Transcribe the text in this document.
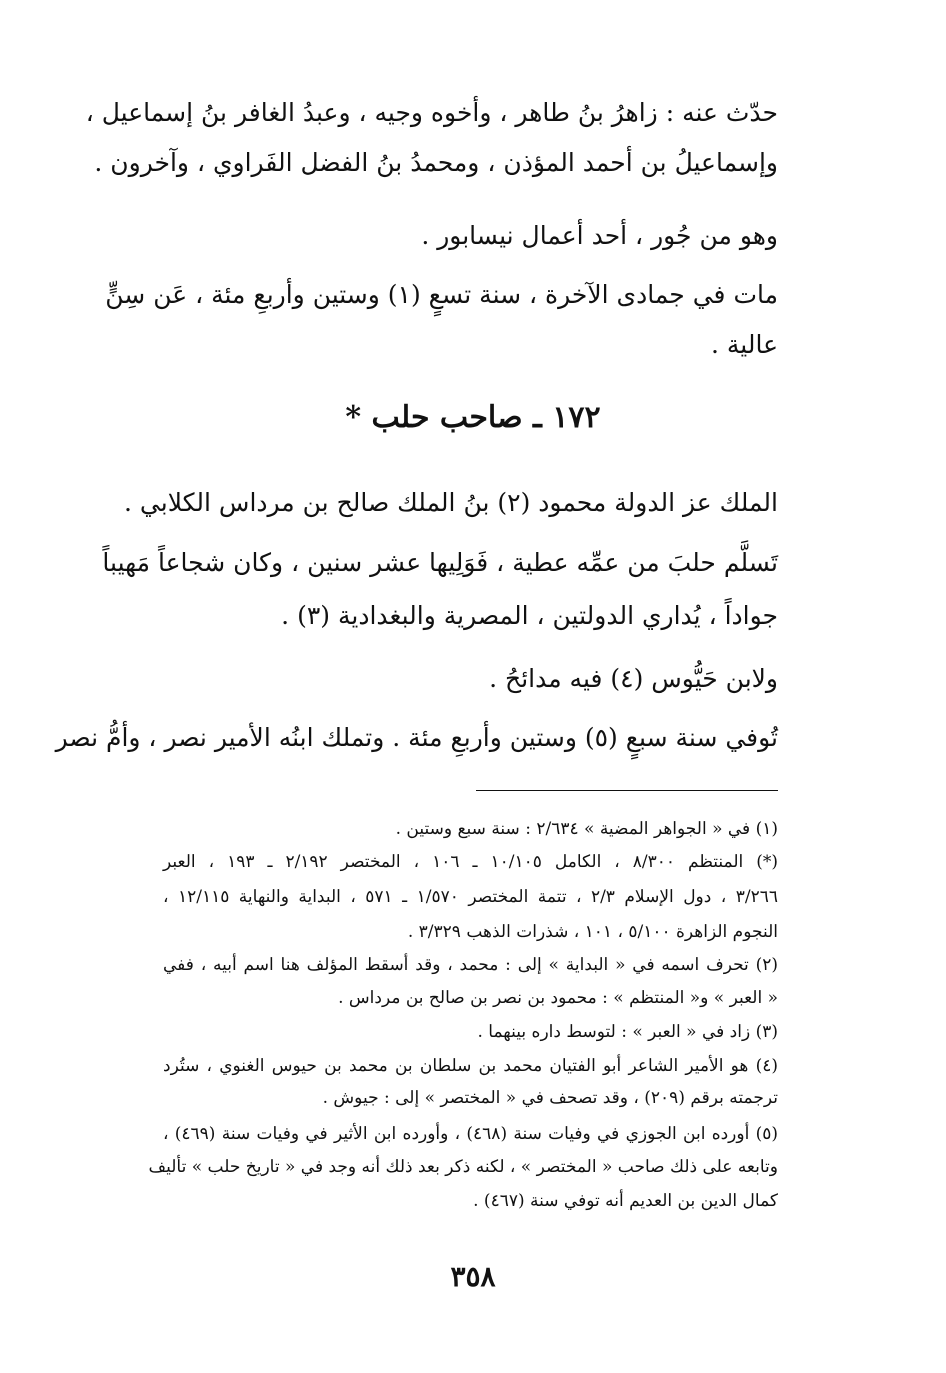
حدّث عنه : زاهرُ بنُ طاهر ، وأخوه وجيه ، وعبدُ الغافر بنُ إسماعيل ،
وإسماعيلُ بن أحمد المؤذن ، ومحمدُ بنُ الفضل الفَراوي ، وآخرون .
وهو من جُور ، أحد أعمال نيسابور .
مات في جمادى الآخرة ، سنة تسعٍ (١) وستين وأربعِ مئة ، عَن سِنٍّ
عالية .
١٧٢ ـ صاحب حلب *
الملك عز الدولة محمود (٢) بنُ الملك صالح بن مرداس الكلابي .
تَسلَّم حلبَ من عمِّه عطية ، فَوَلِيها عشر سنين ، وكان شجاعاً مَهيباً
جواداً ، يُداري الدولتين ، المصرية والبغدادية (٣) .
ولابن حَيُّوس (٤) فيه مدائحُ .
تُوفي سنة سبعٍ (٥) وستين وأربعِ مئة . وتملك ابنُه الأمير نصر ، وأمُّ نصر
(١) في « الجواهر المضية » ٢/٦٣٤ : سنة سبع وستين .
(*) المنتظم ٨/٣٠٠ ، الكامل ١٠/١٠٥ ـ ١٠٦ ، المختصر ٢/١٩٢ ـ ١٩٣ ، العبر
٣/٢٦٦ ، دول الإسلام ٢/٣ ، تتمة المختصر ١/٥٧٠ ـ ٥٧١ ، البداية والنهاية ١٢/١١٥ ،
النجوم الزاهرة ٥/١٠٠ ، ١٠١ ، شذرات الذهب ٣/٣٢٩ .
(٢) تحرف اسمه في « البداية » إلى : محمد ، وقد أسقط المؤلف هنا اسم أبيه ، ففي
« العبر » و« المنتظم » : محمود بن نصر بن صالح بن مرداس .
(٣) زاد في « العبر » : لتوسط داره بينهما .
(٤) هو الأمير الشاعر أبو الفتيان محمد بن سلطان بن محمد بن حيوس الغنوي ، ستُرد
ترجمته برقم (٢٠٩) ، وقد تصحف في « المختصر » إلى : جيوش .
(٥) أورده ابن الجوزي في وفيات سنة (٤٦٨) ، وأورده ابن الأثير في وفيات سنة (٤٦٩) ،
وتابعه على ذلك صاحب « المختصر » ، لكنه ذكر بعد ذلك أنه وجد في « تاريخ حلب » تأليف
كمال الدين بن العديم أنه توفي سنة (٤٦٧) .
٣٥٨
